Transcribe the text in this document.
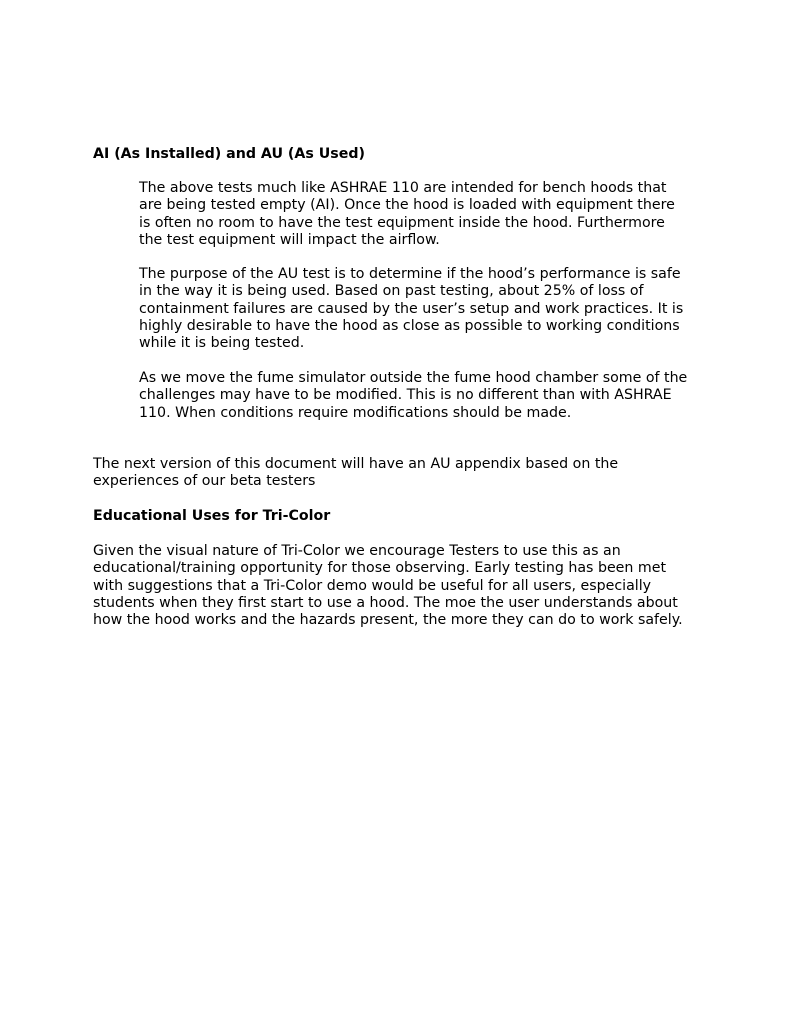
AI (As Installed) and AU (As Used)

The above tests much like ASHRAE 110 are intended for bench hoods that
are being tested empty (AI). Once the hood is loaded with equipment there
is often no room to have the test equipment inside the hood. Furthermore
the test equipment will impact the airflow.

The purpose of the AU test is to determine if the hood’s performance is safe
in the way it is being used. Based on past testing, about 25% of loss of
containment failures are caused by the user’s setup and work practices. It is
highly desirable to have the hood as close as possible to working conditions
while it is being tested.

As we move the fume simulator outside the fume hood chamber some of the
challenges may have to be modified. This is no different than with ASHRAE
110. When conditions require modifications should be made.

The next version of this document will have an AU appendix based on the
experiences of our beta testers

Educational Uses for Tri-Color

Given the visual nature of Tri-Color we encourage Testers to use this as an
educational/training opportunity for those observing. Early testing has been met
with suggestions that a Tri-Color demo would be useful for all users, especially
students when they first start to use a hood. The moe the user understands about
how the hood works and the hazards present, the more they can do to work safely.
